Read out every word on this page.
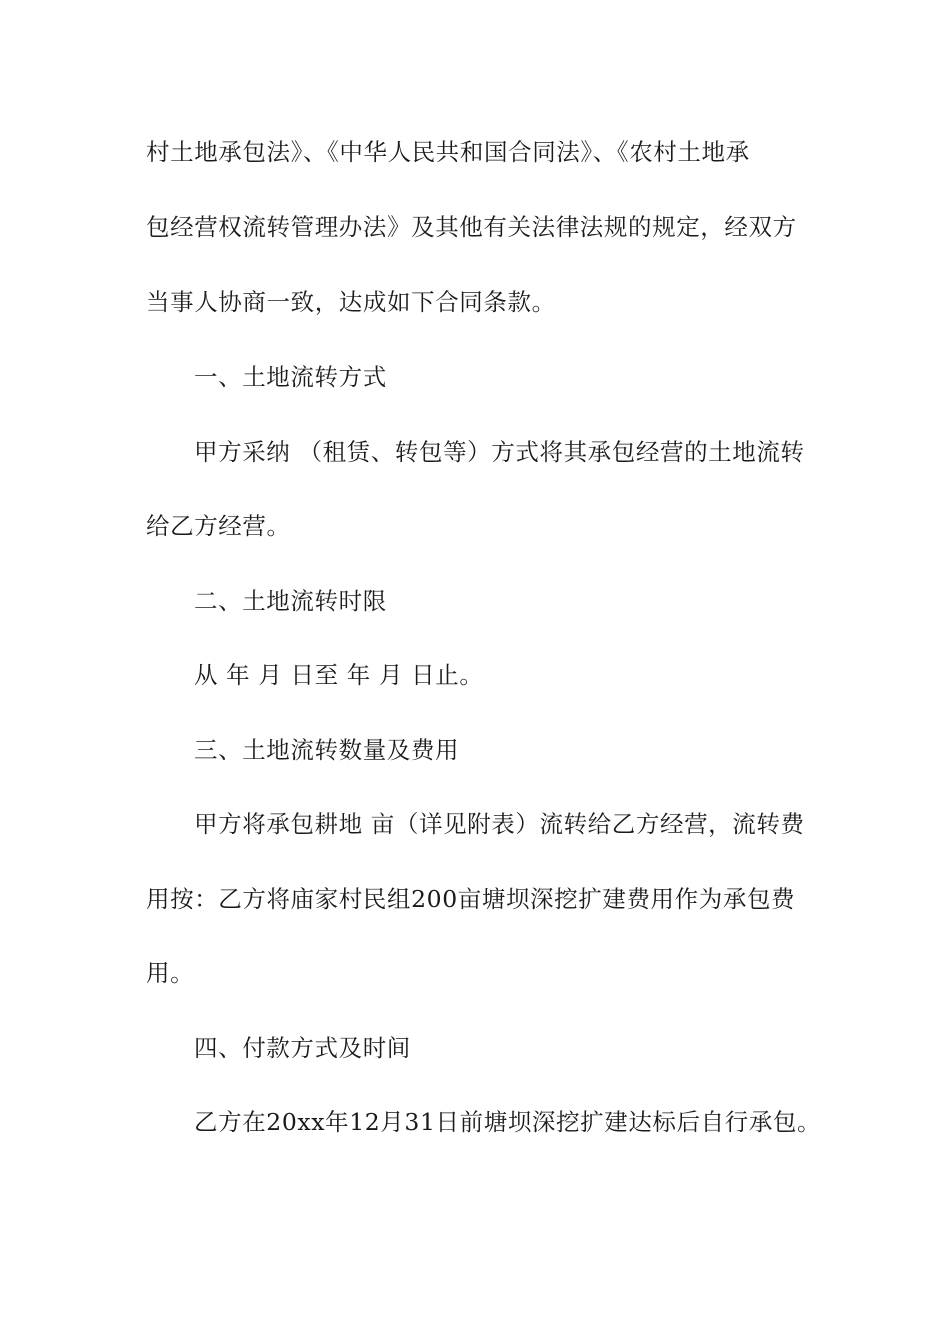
村土地承包法》、《中华人民共和国合同法》、《农村土地承
包经营权流转管理办法》及其他有关法律法规的规定，经双方
当事人协商一致，达成如下合同条款。
一、土地流转方式
甲方采纳 （租赁、转包等）方式将其承包经营的土地流转
给乙方经营。
二、土地流转时限
从 年 月 日至 年 月 日止。
三、土地流转数量及费用
甲方将承包耕地 亩（详见附表）流转给乙方经营，流转费
用按：乙方将庙家村民组200亩塘坝深挖扩建费用作为承包费
用。
四、付款方式及时间
乙方在20xx年12月31日前塘坝深挖扩建达标后自行承包。
